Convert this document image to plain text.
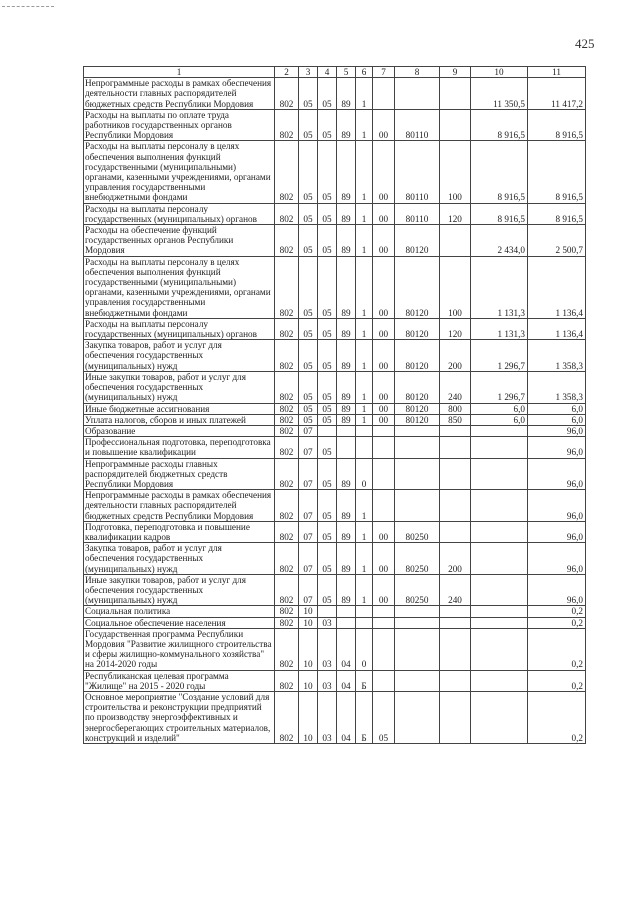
425
1	2	3	4	5	6	7	8	9	10	11
Непрограммные расходы в рамках обеспечения деятельности главных распорядителей бюджетных средств Республики Мордовия	802	05	05	89	1				11 350,5	11 417,2
Расходы на выплаты по оплате труда работников государственных органов Республики Мордовия	802	05	05	89	1	00	80110		8 916,5	8 916,5
Расходы на выплаты персоналу в целях обеспечения выполнения функций государственными (муниципальными) органами, казенными учреждениями, органами управления государственными внебюджетными фондами	802	05	05	89	1	00	80110	100	8 916,5	8 916,5
Расходы на выплаты персоналу государственных (муниципальных) органов	802	05	05	89	1	00	80110	120	8 916,5	8 916,5
Расходы на обеспечение функций государственных органов Республики Мордовия	802	05	05	89	1	00	80120		2 434,0	2 500,7
Расходы на выплаты персоналу в целях обеспечения выполнения функций государственными (муниципальными) органами, казенными учреждениями, органами управления государственными внебюджетными фондами	802	05	05	89	1	00	80120	100	1 131,3	1 136,4
Расходы на выплаты персоналу государственных (муниципальных) органов	802	05	05	89	1	00	80120	120	1 131,3	1 136,4
Закупка товаров, работ и услуг для обеспечения государственных (муниципальных) нужд	802	05	05	89	1	00	80120	200	1 296,7	1 358,3
Иные закупки товаров, работ и услуг для обеспечения государственных (муниципальных) нужд	802	05	05	89	1	00	80120	240	1 296,7	1 358,3
Иные бюджетные ассигнования	802	05	05	89	1	00	80120	800	6,0	6,0
Уплата налогов, сборов и иных платежей	802	05	05	89	1	00	80120	850	6,0	6,0
Образование	802	07								96,0
Профессиональная подготовка, переподготовка и повышение квалификации	802	07	05							96,0
Непрограммные расходы главных распорядителей бюджетных средств Республики Мордовия	802	07	05	89	0					96,0
Непрограммные расходы в рамках обеспечения деятельности главных распорядителей бюджетных средств Республики Мордовия	802	07	05	89	1					96,0
Подготовка, переподготовка и повышение квалификации кадров	802	07	05	89	1	00	80250			96,0
Закупка товаров, работ и услуг для обеспечения государственных (муниципальных) нужд	802	07	05	89	1	00	80250	200		96,0
Иные закупки товаров, работ и услуг для обеспечения государственных (муниципальных) нужд	802	07	05	89	1	00	80250	240		96,0
Социальная политика	802	10								0,2
Социальное обеспечение населения	802	10	03							0,2
Государственная программа Республики Мордовия "Развитие жилищного строительства и сферы жилищно-коммунального хозяйства" на 2014-2020 годы	802	10	03	04	0					0,2
Республиканская целевая программа "Жилище" на 2015 - 2020 годы	802	10	03	04	Б					0,2
Основное мероприятие "Создание условий для строительства и реконструкции предприятий по производству энергоэффективных и энергосберегающих строительных материалов, конструкций и изделий"	802	10	03	04	Б	05				0,2
